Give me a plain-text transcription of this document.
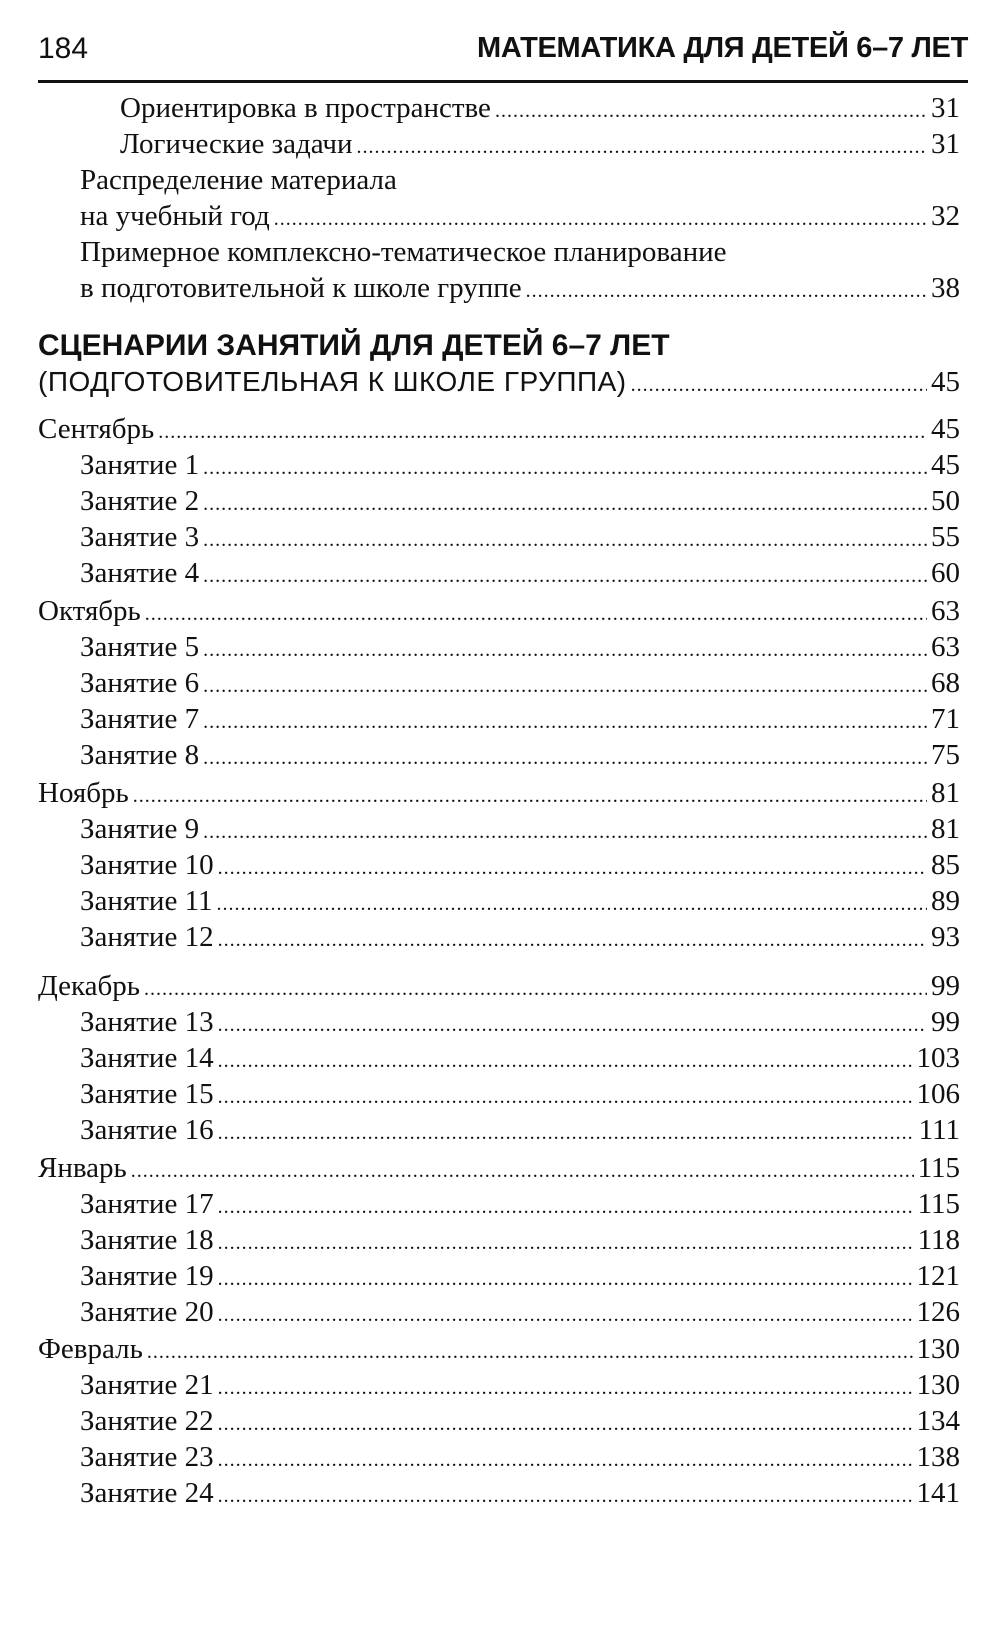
184	МАТЕМАТИКА ДЛЯ ДЕТЕЙ 6–7 ЛЕТ
Ориентировка в пространстве .....	31
Логические задачи .....	31
Распределение материала
на учебный год .....	32
Примерное комплексно-тематическое планирование
в подготовительной к школе группе .....	38
СЦЕНАРИИ ЗАНЯТИЙ ДЛЯ ДЕТЕЙ 6–7 ЛЕТ
(ПОДГОТОВИТЕЛЬНАЯ К ШКОЛЕ ГРУППА) .....	45
Сентябрь .....	45
Занятие 1 .....	45
Занятие 2 .....	50
Занятие 3 .....	55
Занятие 4 .....	60
Октябрь .....	63
Занятие 5 .....	63
Занятие 6 .....	68
Занятие 7 .....	71
Занятие 8 .....	75
Ноябрь .....	81
Занятие 9 .....	81
Занятие 10 .....	85
Занятие 11 .....	89
Занятие 12 .....	93
Декабрь .....	99
Занятие 13 .....	99
Занятие 14 .....	103
Занятие 15 .....	106
Занятие 16 .....	111
Январь .....	115
Занятие 17 .....	115
Занятие 18 .....	118
Занятие 19 .....	121
Занятие 20 .....	126
Февраль .....	130
Занятие 21 .....	130
Занятие 22 .....	134
Занятие 23 .....	138
Занятие 24 .....	141
